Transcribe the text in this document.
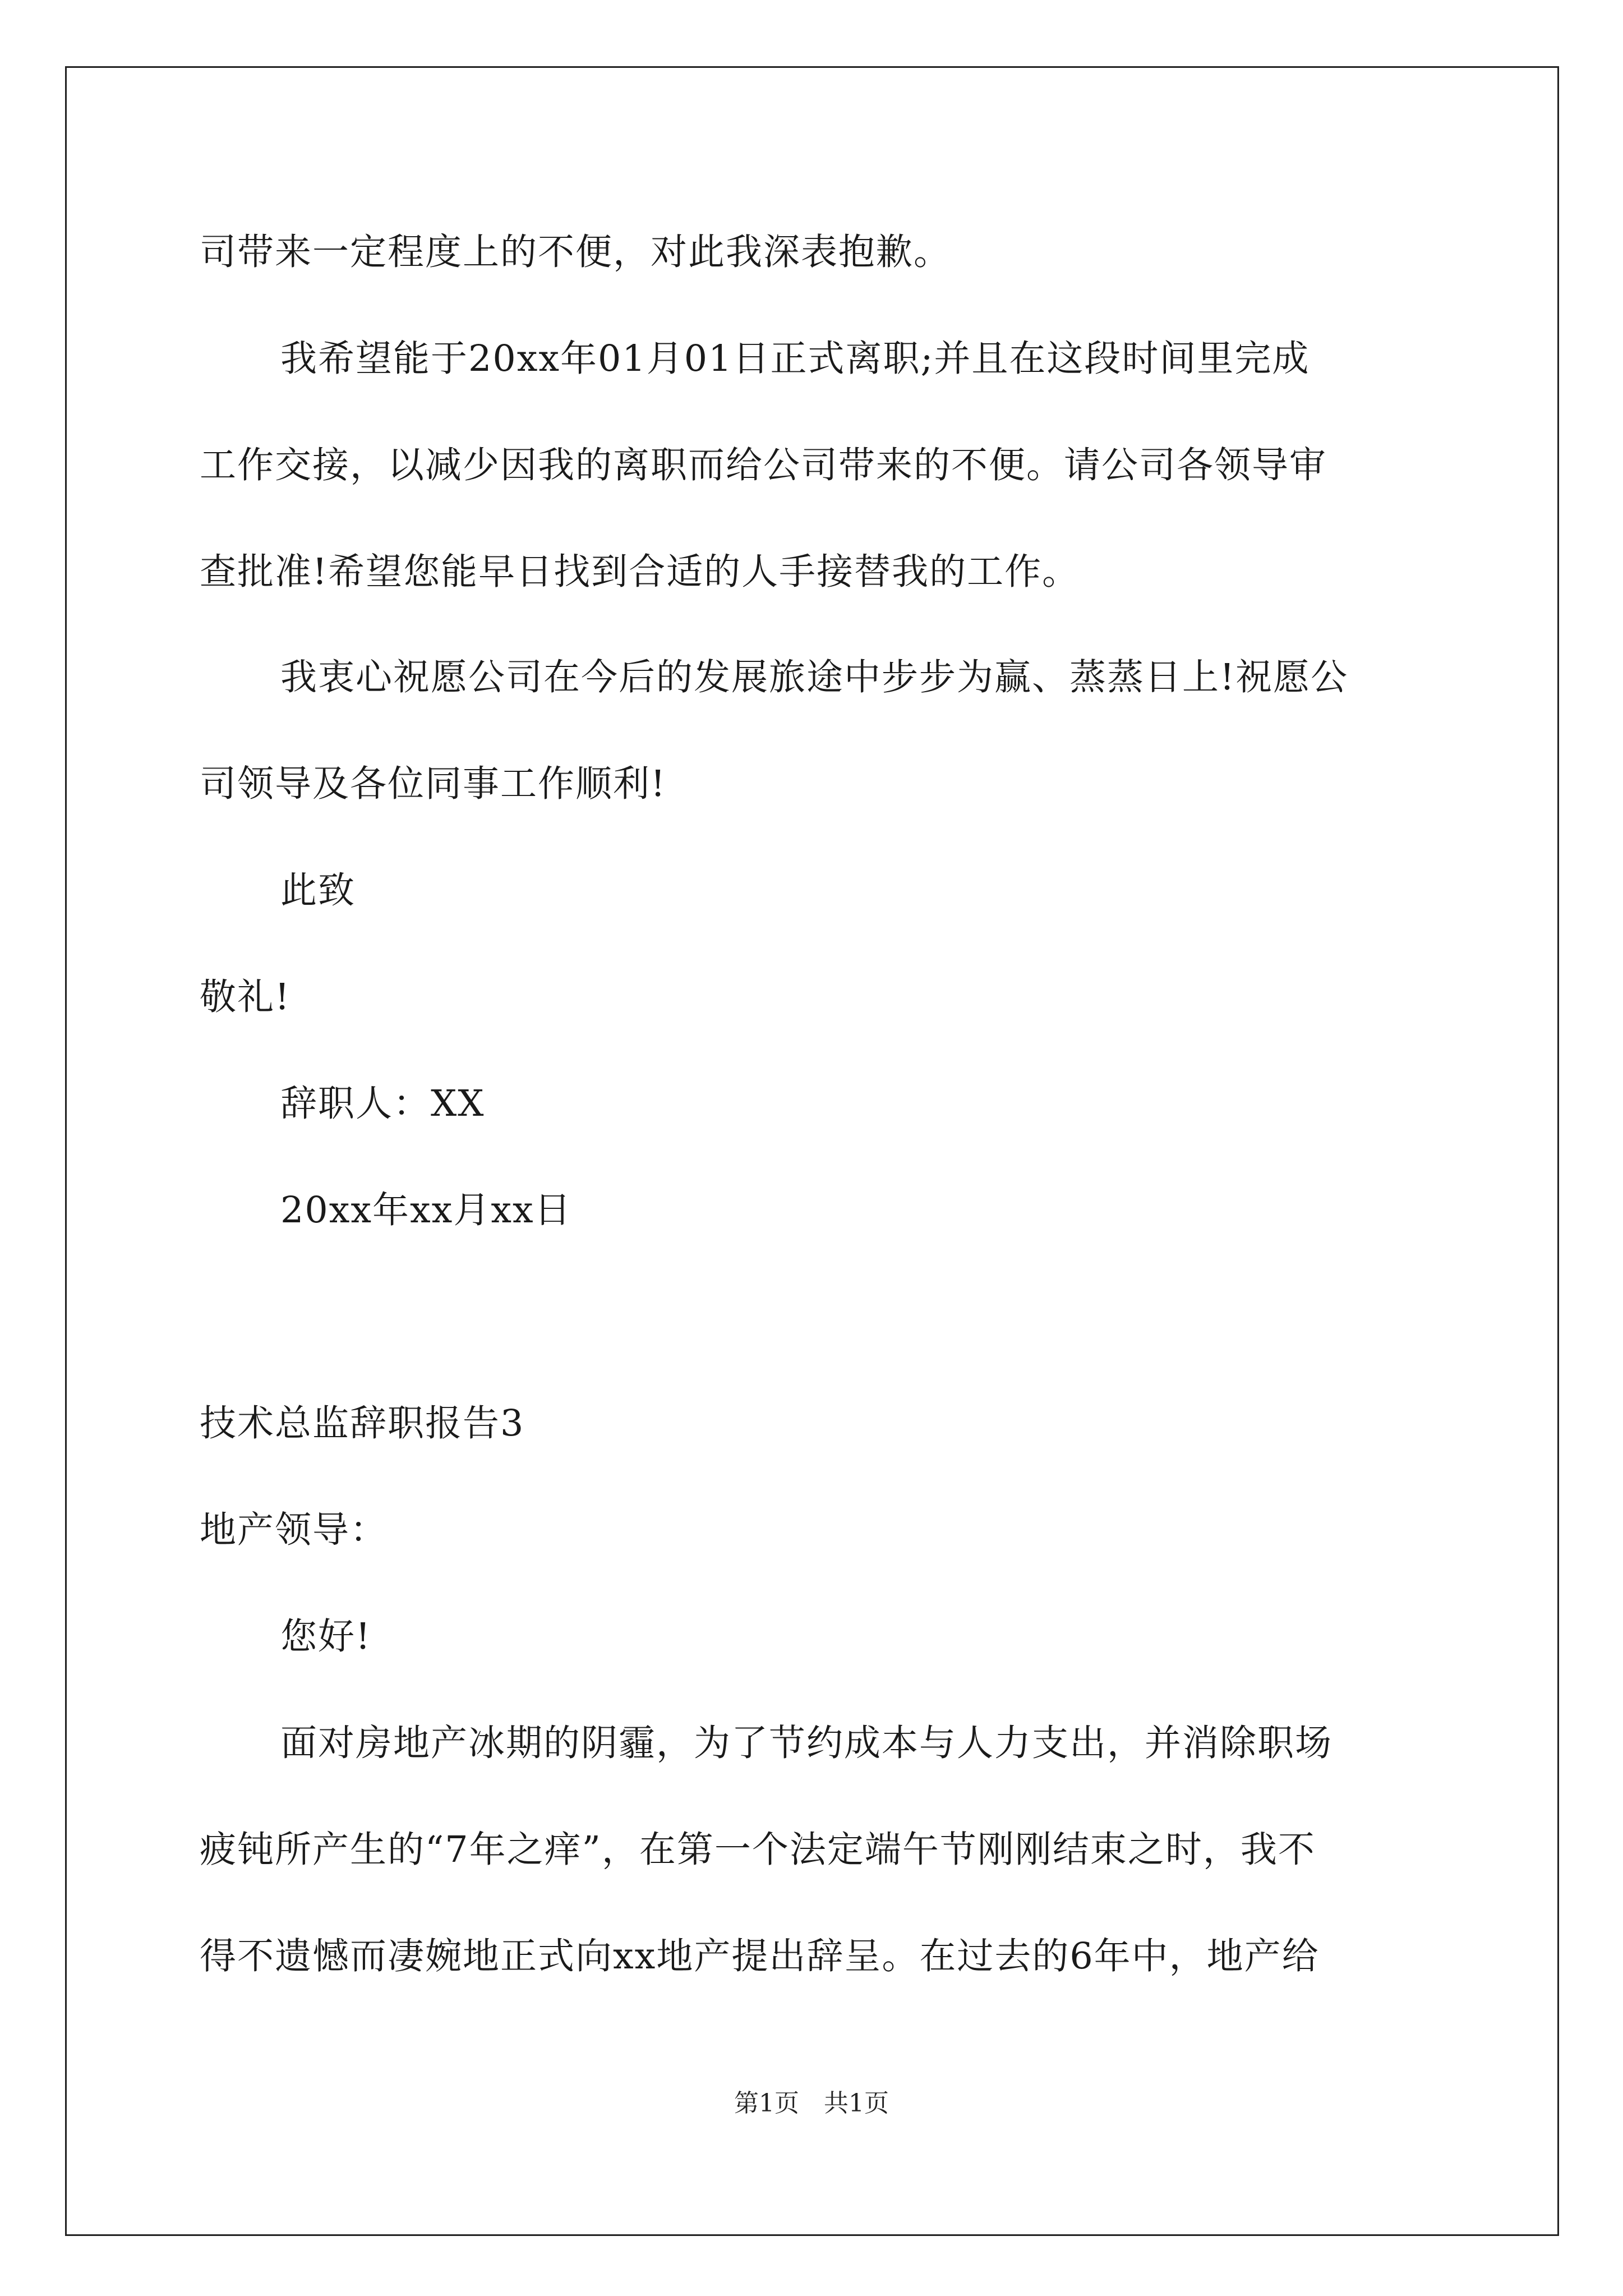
司带来一定程度上的不便，对此我深表抱歉。
我希望能于20xx年01月01日正式离职;并且在这段时间里完成
工作交接，以减少因我的离职而给公司带来的不便。请公司各领导审
查批准!希望您能早日找到合适的人手接替我的工作。
我衷心祝愿公司在今后的发展旅途中步步为赢、蒸蒸日上!祝愿公
司领导及各位同事工作顺利!
此致
敬礼!
辞职人：XX
20xx年xx月xx日
技术总监辞职报告3
地产领导：
您好!
面对房地产冰期的阴霾，为了节约成本与人力支出，并消除职场
疲钝所产生的“7年之痒”，在第一个法定端午节刚刚结束之时，我不
得不遗憾而凄婉地正式向xx地产提出辞呈。在过去的6年中，地产给
第1页　共1页
